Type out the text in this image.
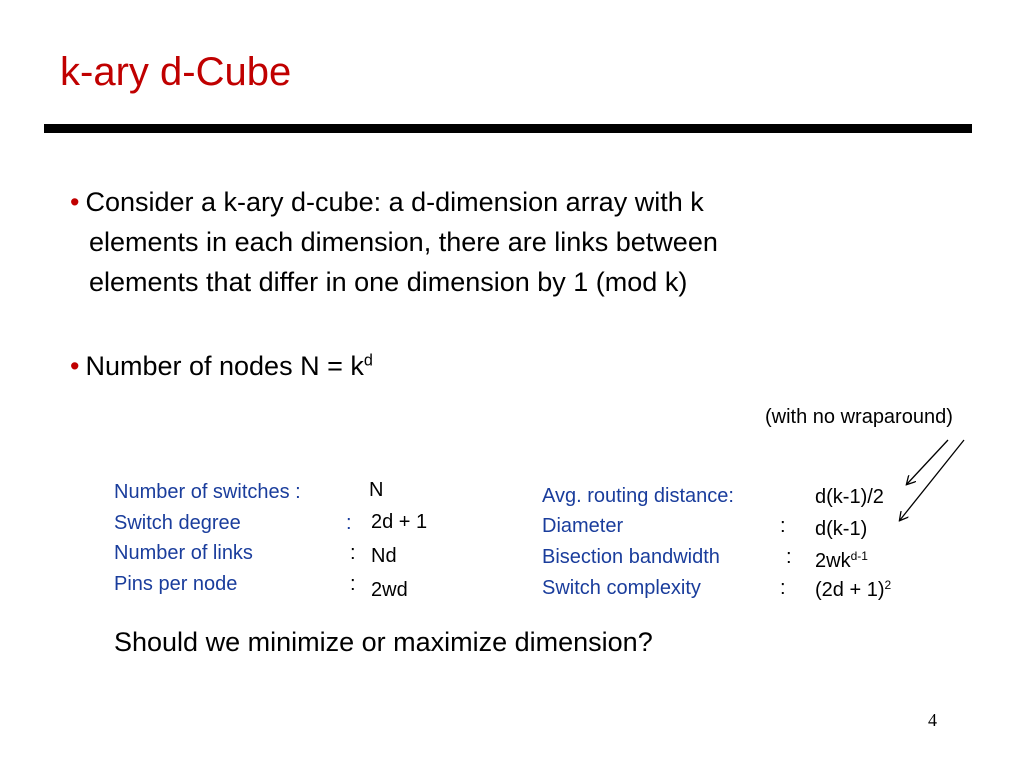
k-ary d-Cube
• Consider a k-ary d-cube: a d-dimension array with k
elements in each dimension, there are links between
elements that differ in one dimension by 1 (mod k)
• Number of nodes $N = k^d$
(with no wraparound)
Number of switches :	N
Switch degree	: 2d + 1
Number of links	: Nd
Pins per node	: 2wd
Avg. routing distance:	d(k-1)/2
Diameter	: d(k-1)
Bisection bandwidth	: $2wk^{d-1}$
Switch complexity	: $(2d + 1)^2$
Should we minimize or maximize dimension?
4
